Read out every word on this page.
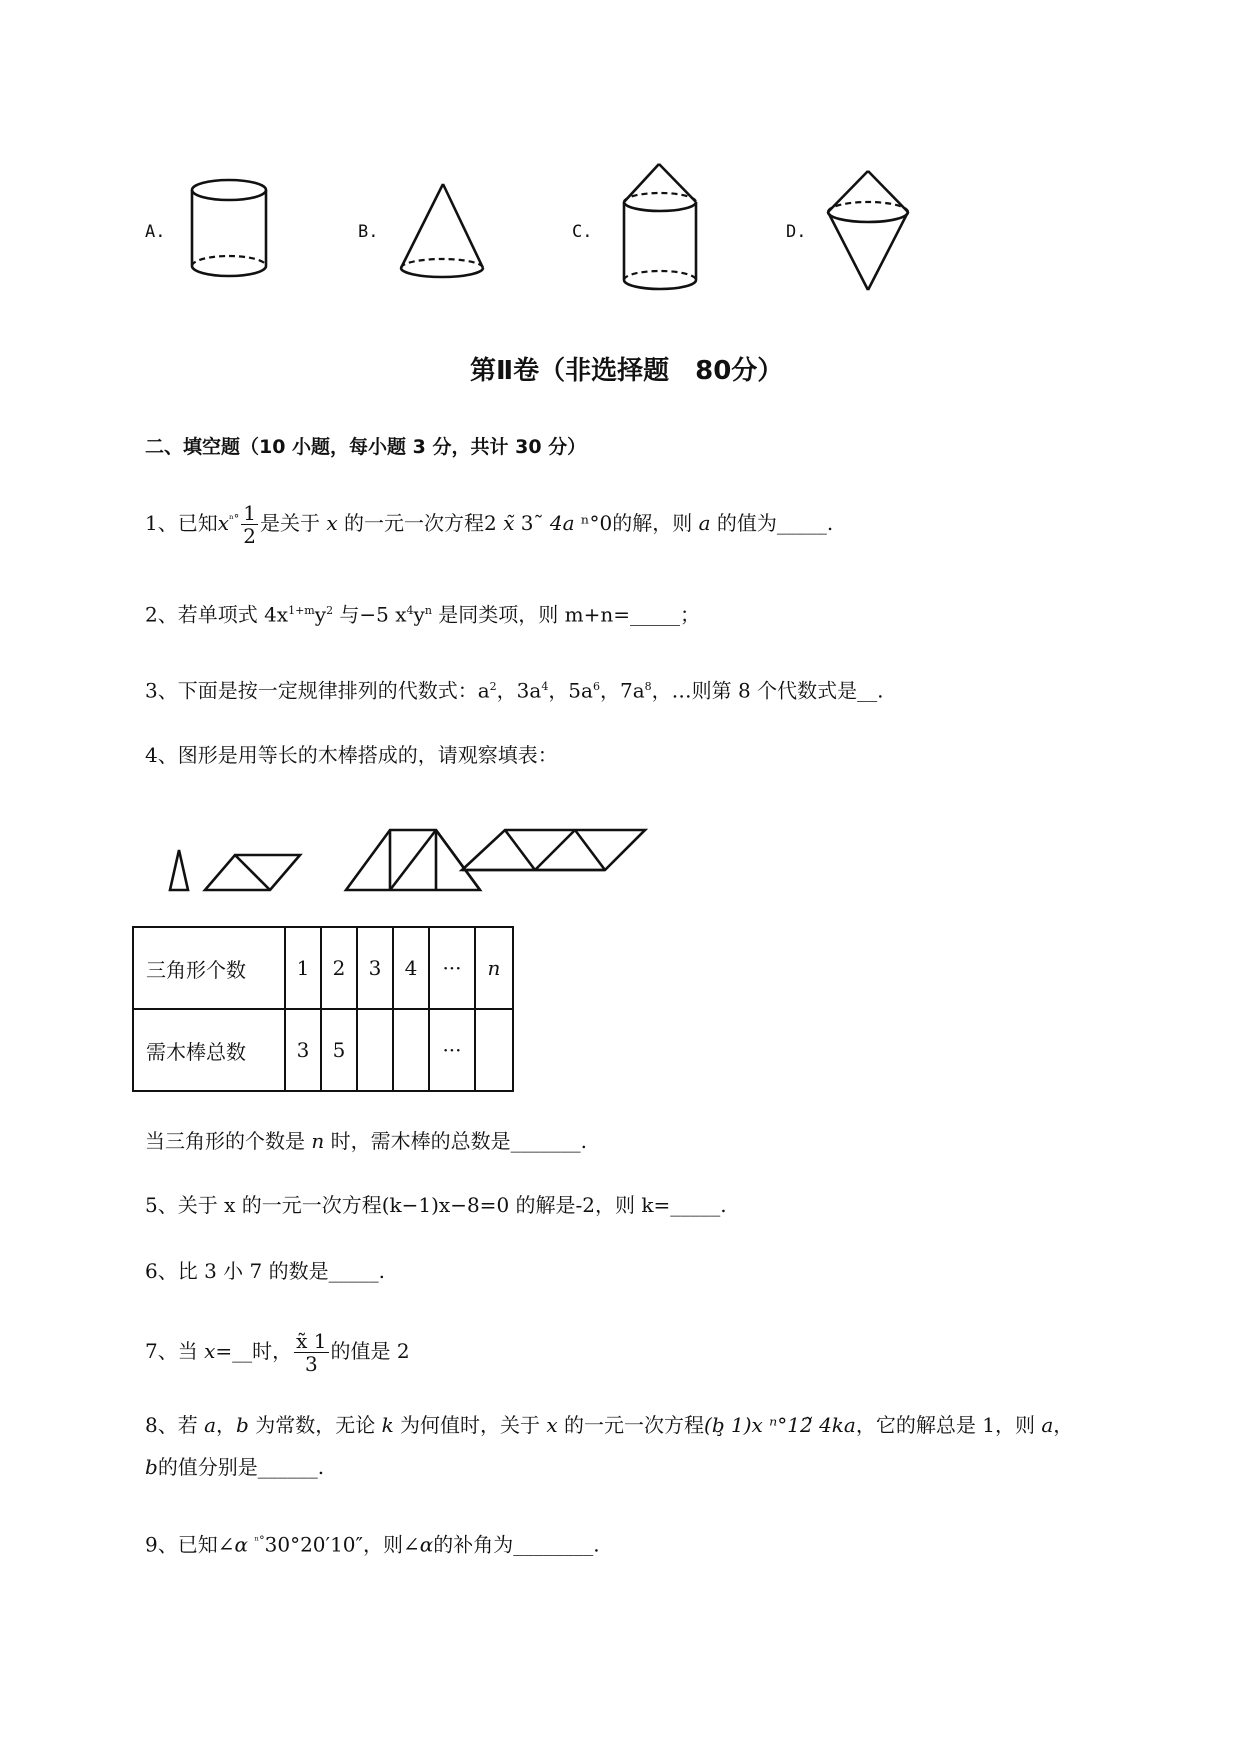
A.	B.	C.	D.
第Ⅱ卷（非选择题　80分）
二、填空题（10 小题，每小题 3 分，共计 30 分）
1、已知$x^{^n^\circ} \frac{1}{2}$ 是关于 x 的一元一次方程2 x̃ 3˜ 4a ⁿ°0的解，则 a 的值为_____.
2、若单项式 $4x^{1+m}y^2$ 与−5 $x^4y^n$ 是同类项，则 m+n=_____；
3、下面是按一定规律排列的代数式：$a^2$，$3a^4$，$5a^6$，$7a^8$，…则第 8 个代数式是__.
4、图形是用等长的木棒搭成的，请观察填表：
三角形个数	1	2	3	4	···	n
需木棒总数	3	5			···	
当三角形的个数是 n 时，需木棒的总数是_______.
5、关于 x 的一元一次方程(k−1)x−8=0 的解是-2，则 k=_____.
6、比 3 小 7 的数是_____.
7、当 x=__时， $\frac{x̃ 1}{3}$ 的值是 2
8、若 a，b 为常数，无论 k 为何值时，关于 x 的一元一次方程(b̧ 1)x ⁿ°12̃ 4ka，它的解总是 1，则 a，
b的值分别是______.
9、已知∠α $^{^n^\circ}$30°20′10″，则∠α的补角为________.
